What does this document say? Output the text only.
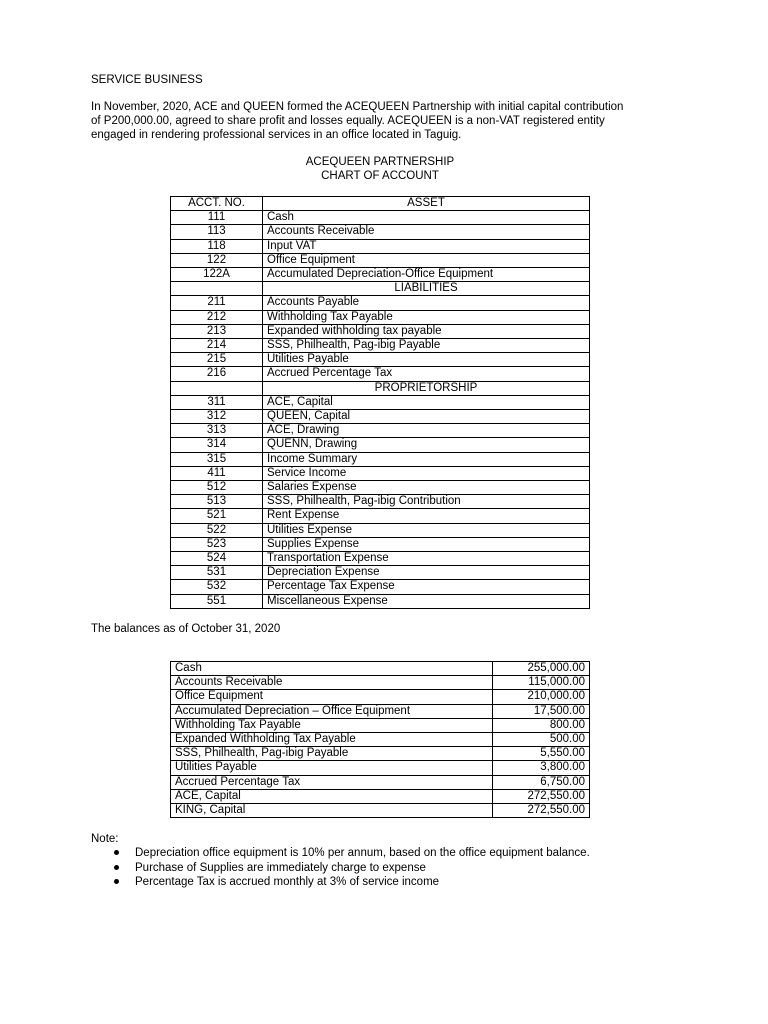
SERVICE BUSINESS

In November, 2020, ACE and QUEEN formed the ACEQUEEN Partnership with initial capital contribution

of P200,000.00, agreed to share profit and losses equally. ACEQUEEN is a non-VAT registered entity

engaged in rendering professional services in an office located in Taguig.

ACEQUEEN PARTNERSHIP
CHART OF ACCOUNT
ACCT. NO.	ASSET
111	Cash
113	Accounts Receivable
118	Input VAT
122	Office Equipment
122A	Accumulated Depreciation-Office Equipment
	LIABILITIES
211	Accounts Payable
212	Withholding Tax Payable
213	Expanded withholding tax payable
214	SSS, Philhealth, Pag-ibig Payable
215	Utilities Payable
216	Accrued Percentage Tax
	PROPRIETORSHIP
311	ACE, Capital
312	QUEEN, Capital
313	ACE, Drawing
314	QUENN, Drawing
315	Income Summary
411	Service Income
512	Salaries Expense
513	SSS, Philhealth, Pag-ibig Contribution
521	Rent Expense
522	Utilities Expense
523	Supplies Expense
524	Transportation Expense
531	Depreciation Expense
532	Percentage Tax Expense
551	Miscellaneous Expense
The balances as of October 31, 2020
Cash	255,000.00
Accounts Receivable	115,000.00
Office Equipment	210,000.00
Accumulated Depreciation – Office Equipment	17,500.00
Withholding Tax Payable	800.00
Expanded Withholding Tax Payable	500.00
SSS, Philhealth, Pag-ibig Payable	5,550.00
Utilities Payable	3,800.00
Accrued Percentage Tax	6,750.00
ACE, Capital	272,550.00
KING, Capital	272,550.00
Note:
Depreciation office equipment is 10% per annum, based on the office equipment balance.
Purchase of Supplies are immediately charge to expense
Percentage Tax is accrued monthly at 3% of service income
